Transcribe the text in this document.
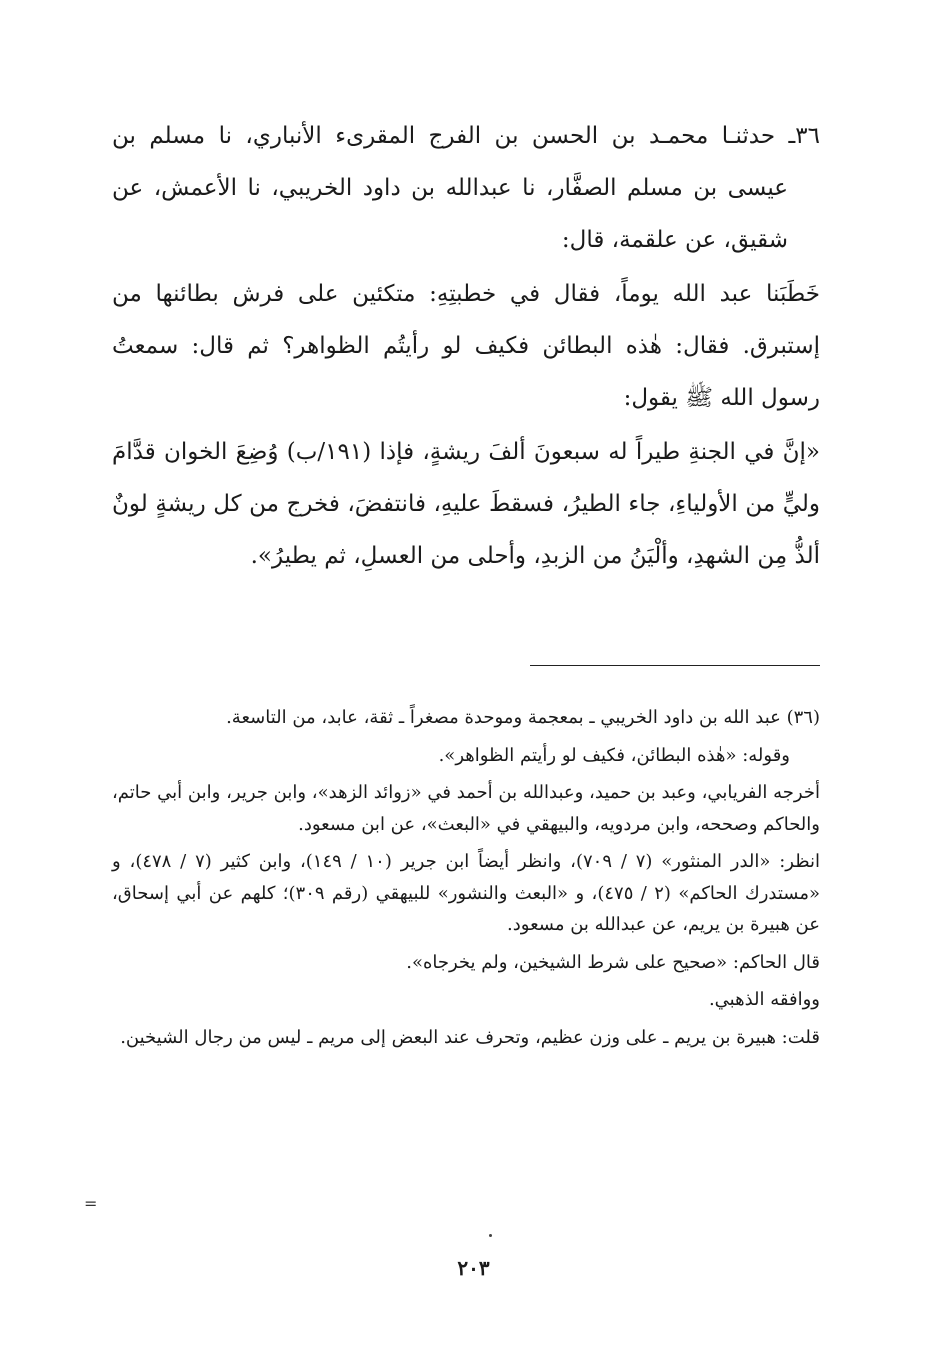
٣٦ـ حدثنـا محمـد بن الحسن بن الفرج المقرىء الأنباري، نا مسلم بن عيسى بن مسلم الصفَّار، نا عبدالله بن داود الخريبي، نا الأعمش، عن شقيق، عن علقمة، قال:

خَطَبَنا عبد الله يوماً، فقال في خطبتِهِ: متكئين على فرش بطائنها من إستبرق. فقال: هٰذه البطائن فكيف لو رأيتُم الظواهر؟ ثم قال: سمعتُ رسول الله ﷺ يقول:

«إنَّ في الجنةِ طيراً له سبعونَ ألفَ ريشةٍ، فإذا (١٩١/ب) وُضِعَ الخوان قدَّامَ وليٍّ من الأولياءِ، جاء الطيرُ، فسقطَ عليهِ، فانتفضَ، فخرج من كل ريشةٍ لونٌ ألذُّ مِن الشهدِ، وألْيَنُ من الزبدِ، وأحلى من العسلِ، ثم يطيرُ».

(٣٦) عبد الله بن داود الخريبي ـ بمعجمة وموحدة مصغراً ـ ثقة، عابد، من التاسعة.

وقوله: «هٰذه البطائن، فكيف لو رأيتم الظواهر».

أخرجه الفريابي، وعبد بن حميد، وعبدالله بن أحمد في «زوائد الزهد»، وابن جرير، وابن أبي حاتم، والحاكم وصححه، وابن مردويه، والبيهقي في «البعث»، عن ابن مسعود.

انظر: «الدر المنثور» (٧ / ٧٠٩)، وانظر أيضاً ابن جرير (١٠ / ١٤٩)، وابن كثير (٧ / ٤٧٨)، و «مستدرك الحاكم» (٢ / ٤٧٥)، و «البعث والنشور» للبيهقي (رقم ٣٠٩)؛ كلهم عن أبي إسحاق، عن هبيرة بن يريم، عن عبدالله بن مسعود.

قال الحاكم: «صحيح على شرط الشيخين، ولم يخرجاه».

ووافقه الذهبي.

قلت: هبيرة بن يريم ـ على وزن عظيم، وتحرف عند البعض إلى مريم ـ ليس من رجال الشيخين.

=
٢٠٣
